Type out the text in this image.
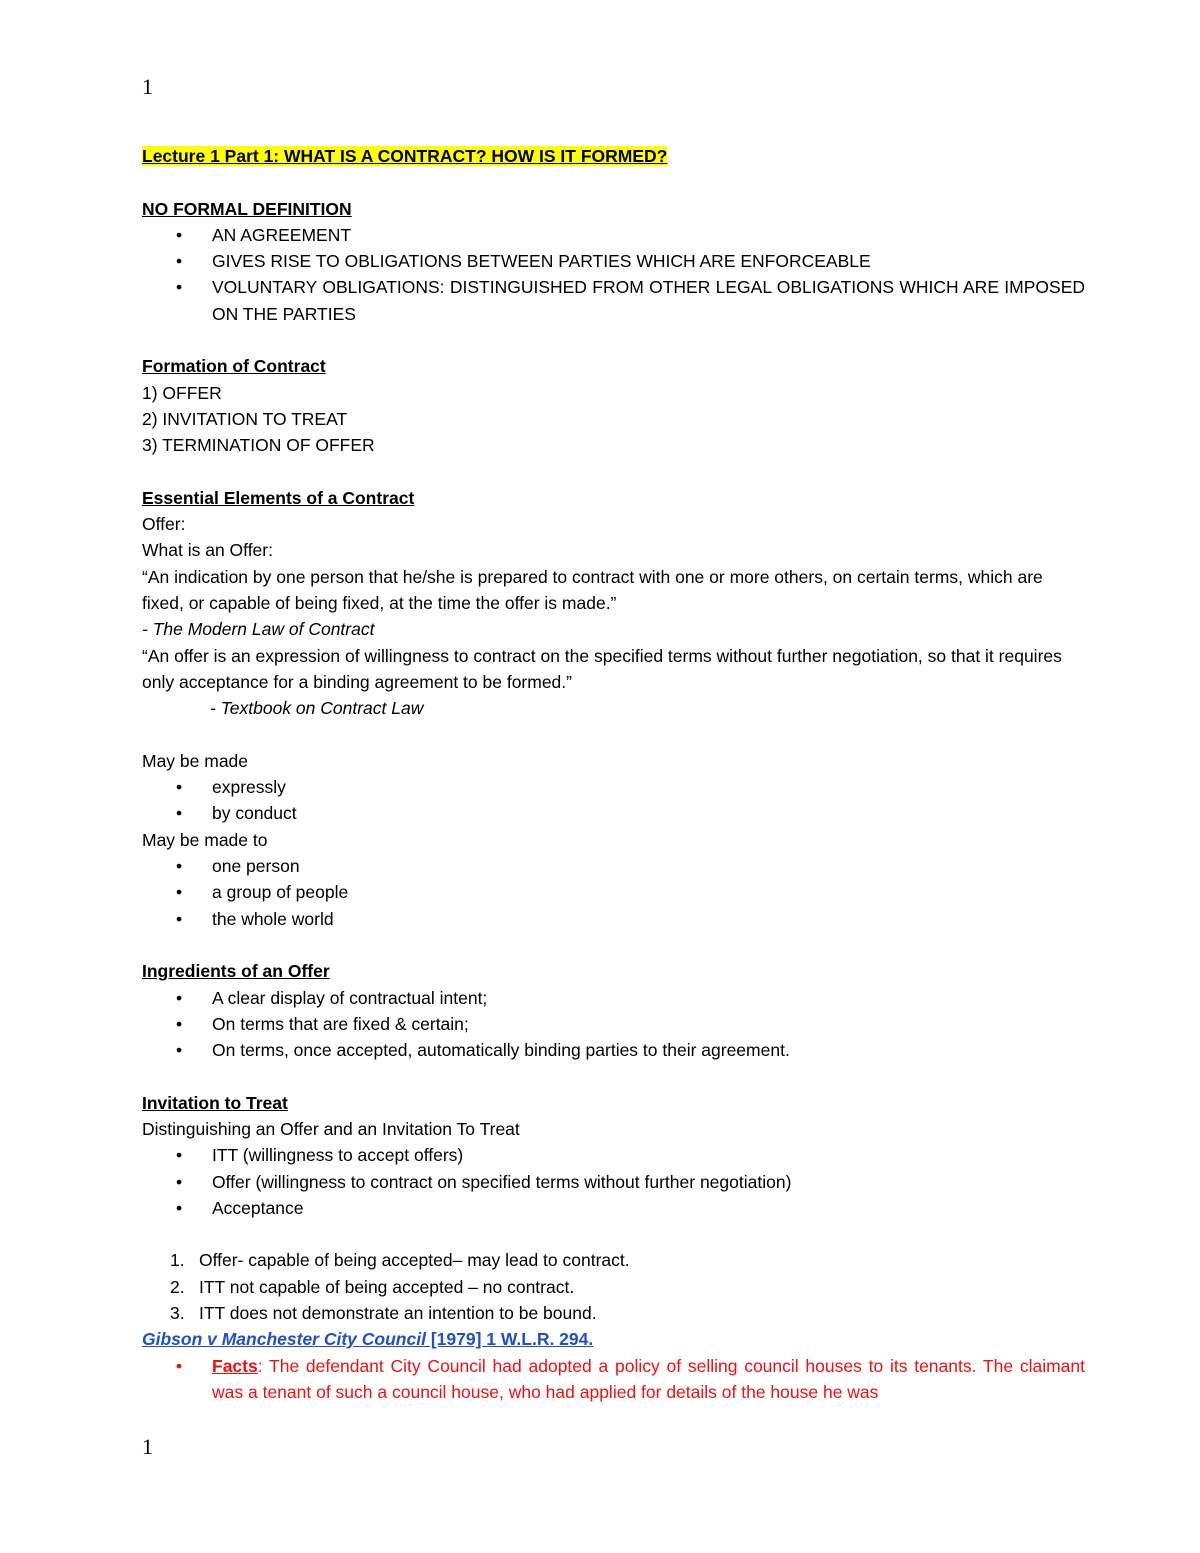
1

Lecture 1 Part 1: WHAT IS A CONTRACT? HOW IS IT FORMED?

NO FORMAL DEFINITION

• AN AGREEMENT
• GIVES RISE TO OBLIGATIONS BETWEEN PARTIES WHICH ARE ENFORCEABLE
• VOLUNTARY OBLIGATIONS: DISTINGUISHED FROM OTHER LEGAL OBLIGATIONS WHICH ARE IMPOSED ON THE PARTIES

Formation of Contract

1) OFFER

2) INVITATION TO TREAT

3) TERMINATION OF OFFER

Essential Elements of a Contract

Offer:

What is an Offer:

“An indication by one person that he/she is prepared to contract with one or more others, on certain terms, which are fixed, or capable of being fixed, at the time the offer is made.”

- The Modern Law of Contract

“An offer is an expression of willingness to contract on the specified terms without further negotiation, so that it requires only acceptance for a binding agreement to be formed.”

- Textbook on Contract Law

May be made

• expressly
• by conduct

May be made to

• one person
• a group of people
• the whole world

Ingredients of an Offer

• A clear display of contractual intent;
• On terms that are fixed & certain;
• On terms, once accepted, automatically binding parties to their agreement.

Invitation to Treat

Distinguishing an Offer and an Invitation To Treat

• ITT (willingness to accept offers)
• Offer (willingness to contract on specified terms without further negotiation)
• Acceptance
1. Offer- capable of being accepted– may lead to contract.
2. ITT not capable of being accepted – no contract.
3. ITT does not demonstrate an intention to be bound.

Gibson v Manchester City Council [1979] 1 W.L.R. 294.

• Facts: The defendant City Council had adopted a policy of selling council houses to its tenants. The claimant was a tenant of such a council house, who had applied for details of the house he was
1
